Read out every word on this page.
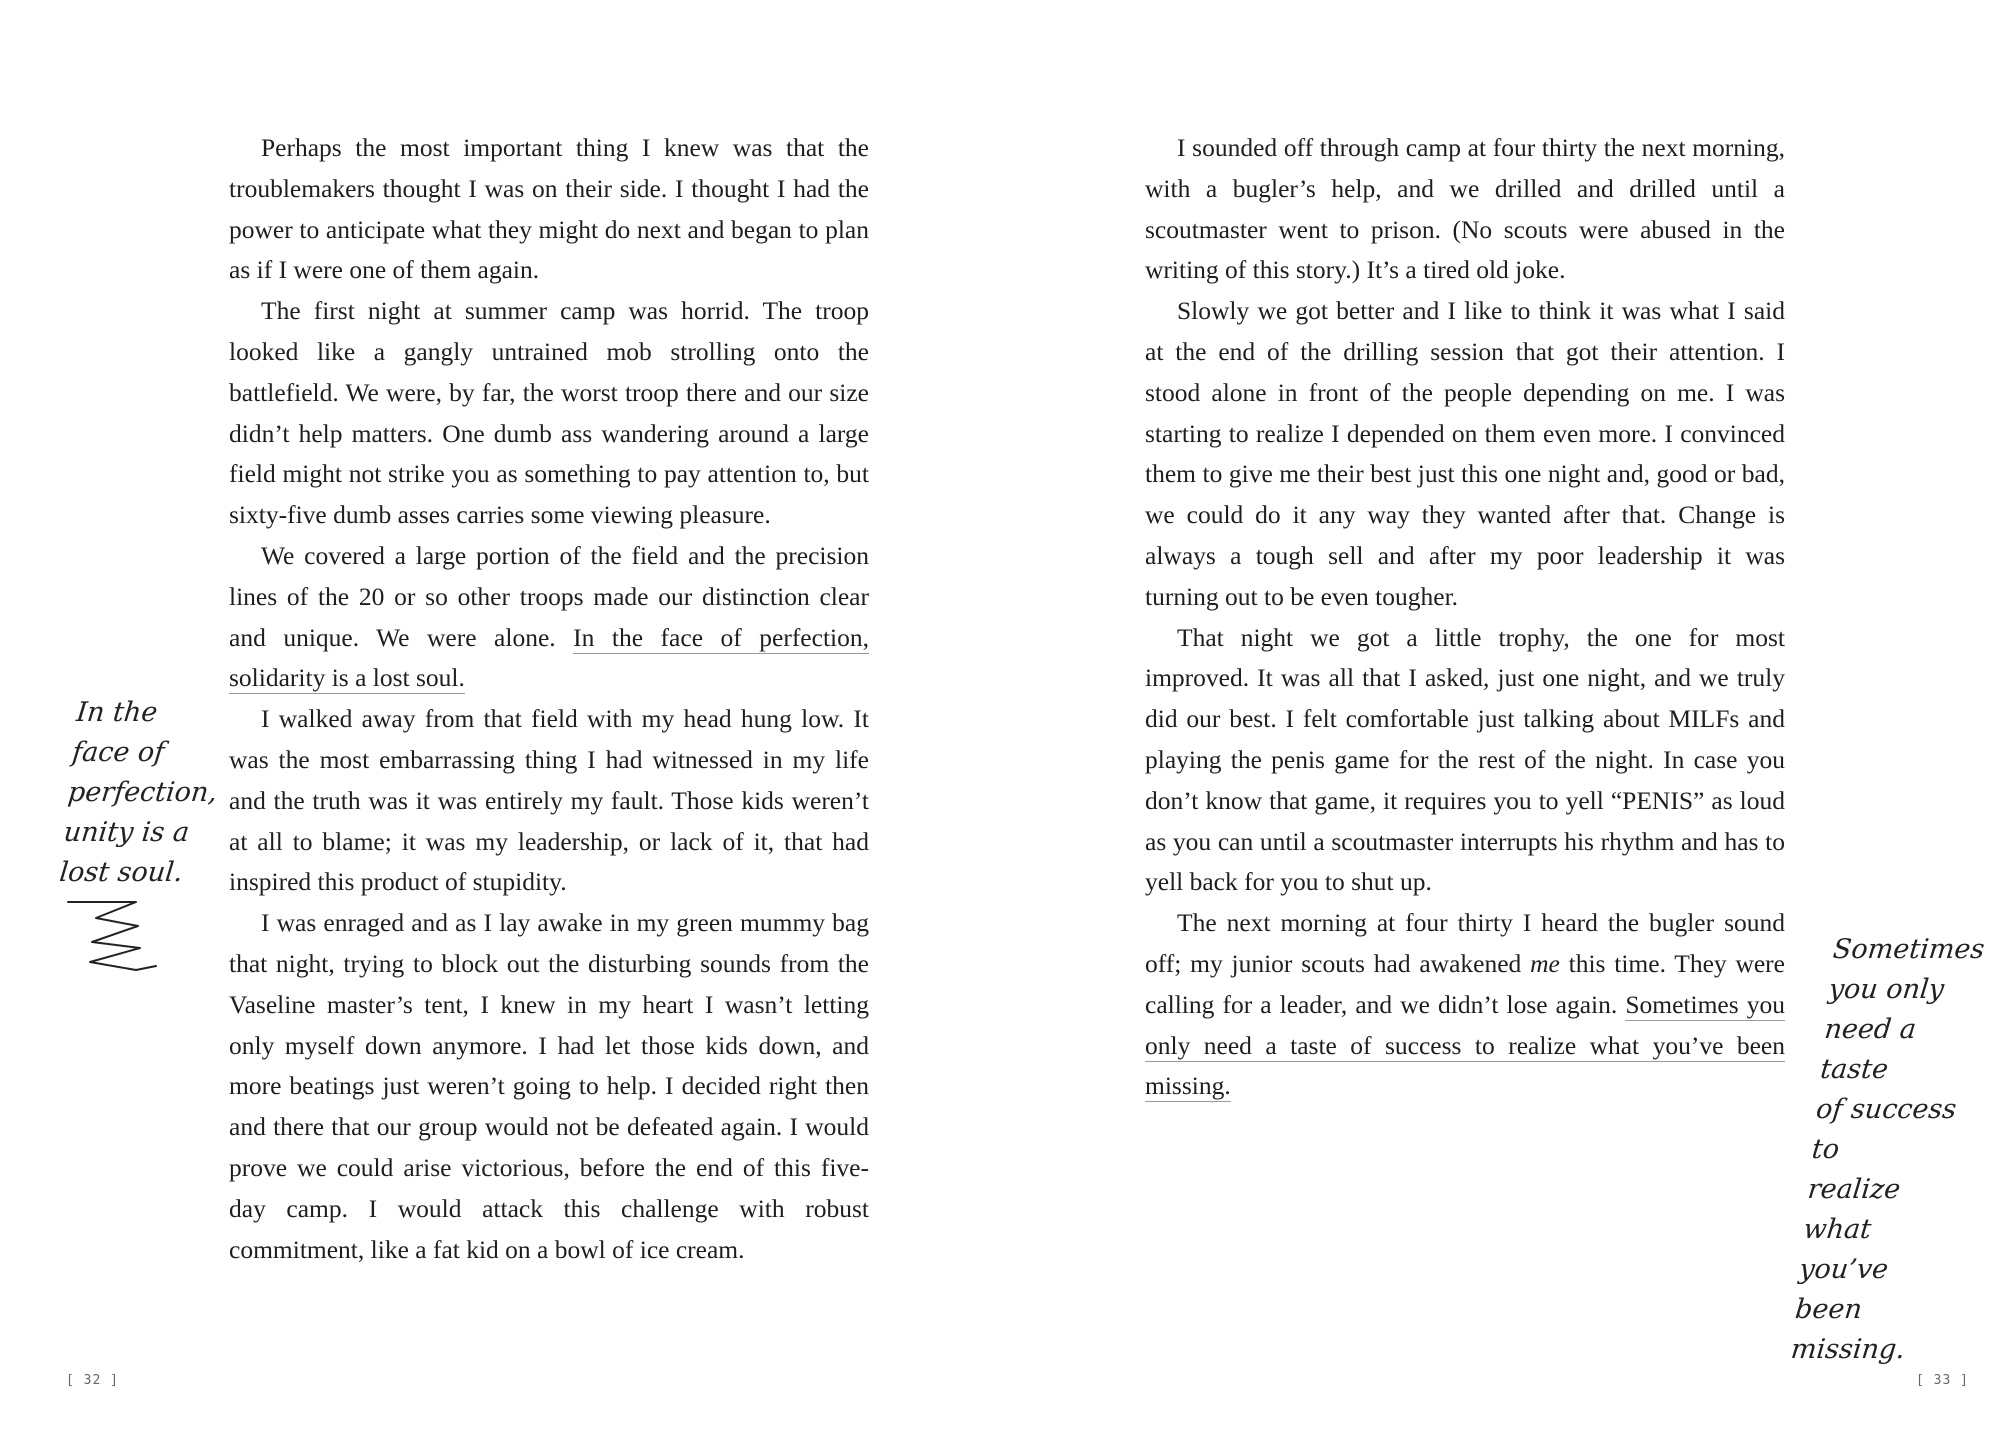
Perhaps the most important thing I knew was that the troublemakers thought I was on their side. I thought I had the power to anticipate what they might do next and began to plan as if I were one of them again.

The first night at summer camp was horrid. The troop looked like a gangly untrained mob strolling onto the battlefield. We were, by far, the worst troop there and our size didn’t help matters. One dumb ass wandering around a large field might not strike you as something to pay attention to, but sixty-five dumb asses carries some viewing pleasure.

We covered a large portion of the field and the precision lines of the 20 or so other troops made our distinction clear and unique. We were alone. In the face of perfection, solidarity is a lost soul.

I walked away from that field with my head hung low. It was the most embarrassing thing I had witnessed in my life and the truth was it was entirely my fault. Those kids weren’t at all to blame; it was my leadership, or lack of it, that had inspired this product of stupidity.

I was enraged and as I lay awake in my green mummy bag that night, trying to block out the disturbing sounds from the Vaseline master’s tent, I knew in my heart I wasn’t letting only myself down anymore. I had let those kids down, and more beatings just weren’t going to help. I decided right then and there that our group would not be defeated again. I would prove we could arise victorious, before the end of this five-day camp. I would attack this challenge with robust commitment, like a fat kid on a bowl of ice cream.

In the
face of
perfection,
unity is a
lost soul.

I sounded off through camp at four thirty the next morning, with a bugler’s help, and we drilled and drilled until a scoutmaster went to prison. (No scouts were abused in the writing of this story.) It’s a tired old joke.

Slowly we got better and I like to think it was what I said at the end of the drilling session that got their attention. I stood alone in front of the people depending on me. I was starting to realize I depended on them even more. I convinced them to give me their best just this one night and, good or bad, we could do it any way they wanted after that. Change is always a tough sell and after my poor leadership it was turning out to be even tougher.

That night we got a little trophy, the one for most improved. It was all that I asked, just one night, and we truly did our best. I felt comfortable just talking about MILFs and playing the penis game for the rest of the night. In case you don’t know that game, it requires you to yell “PENIS” as loud as you can until a scoutmaster interrupts his rhythm and has to yell back for you to shut up.

The next morning at four thirty I heard the bugler sound off; my junior scouts had awakened me this time. They were calling for a leader, and we didn’t lose again. Sometimes you only need a taste of success to realize what you’ve been missing.

Sometimes
you only
need a taste
of success to
realize what
you’ve been
missing.
[ 32 ]	[ 33 ]
